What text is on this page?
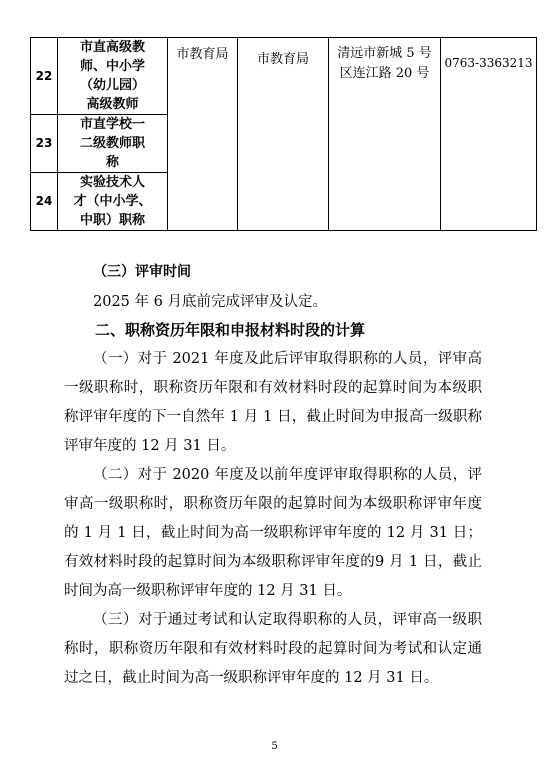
22	市直高级教
师、中小学
（幼儿园）
高级教师	市教育局	市教育局	清远市新城 5 号
区连江路 20 号	0763-3363213
23	市直学校一
二级教师职
称				
24	实验技术人
才（中小学、
中职）职称				
（三）评审时间
2025 年 6 月底前完成评审及认定。
二、职称资历年限和申报材料时段的计算

（一）对于 2021 年度及此后评审取得职称的人员，评审高一级职称时，职称资历年限和有效材料时段的起算时间为本级职称评审年度的下一自然年 1 月 1 日，截止时间为申报高一级职称评审年度的 12 月 31 日。

（二）对于 2020 年度及以前年度评审取得职称的人员，评审高一级职称时，职称资历年限的起算时间为本级职称评审年度的 1 月 1 日，截止时间为高一级职称评审年度的 12 月 31 日；有效材料时段的起算时间为本级职称评审年度的9 月 1 日，截止时间为高一级职称评审年度的 12 月 31 日。

（三）对于通过考试和认定取得职称的人员，评审高一级职称时，职称资历年限和有效材料时段的起算时间为考试和认定通过之日，截止时间为高一级职称评审年度的 12 月 31 日。

5
